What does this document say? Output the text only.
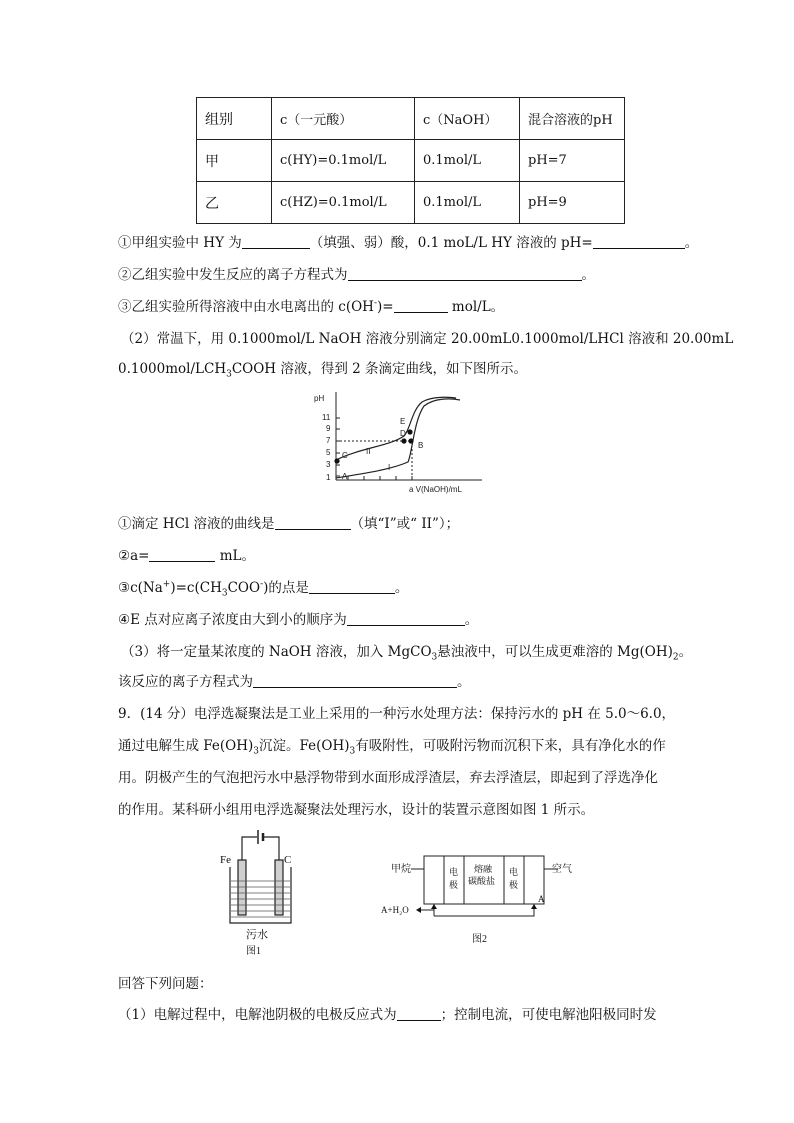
组别	c（一元酸）	c（NaOH）	混合溶液的pH
甲	c(HY)=0.1mol/L	0.1mol/L	pH=7
乙	c(HZ)=0.1mol/L	0.1mol/L	pH=9
①甲组实验中 HY 为	（填强、弱）酸，0.1 moL/L HY 溶液的 pH=	。
②乙组实验中发生反应的离子方程式为	。
③乙组实验所得溶液中由水电离出的 c(OH-)=	mol/L。
（2）常温下，用 0.1000mol/L NaOH 溶液分别滴定 20.00mL0.1000mol/LHCl 溶液和 20.00mL
$0.1000mol/LCH_3COOH$ 溶液，得到 2 条滴定曲线，如下图所示。
pH
11
9
7
5
3
1
a V(NaOH)/mL
A
B
C
D
E
II
I
①滴定 HCl 溶液的曲线是	（填“I”或“ II”）；
②a=	mL。
$③c(Na^+)=c(CH_3COO^-)$的点是	。
④E 点对应离子浓度由大到小的顺序为	。
（3）将一定量某浓度的 NaOH 溶液，加入 MgCO$_3$悬浊液中，可以生成更难溶的 $Mg(OH)_2$。
该反应的离子方程式为	。
9．(14 分）电浮选凝聚法是工业上采用的一种污水处理方法：保持污水的 pH 在 5.0～6.0，
通过电解生成 $Fe(OH)_3$沉淀。$Fe(OH)_3$有吸附性，可吸附污物而沉积下来，具有净化水的作
用。阴极产生的气泡把污水中悬浮物带到水面形成浮渣层，弃去浮渣层，即起到了浮选净化
的作用。某科研小组用电浮选凝聚法处理污水，设计的装置示意图如图 1 所示。
Fe	C
污水
图1
甲烷	空气
电
极
电
极
熔融
碳酸盐
A+H₂O
A
图2
回答下列问题：
（1）电解过程中，电解池阴极的电极反应式为	；控制电流，可使电解池阳极同时发
